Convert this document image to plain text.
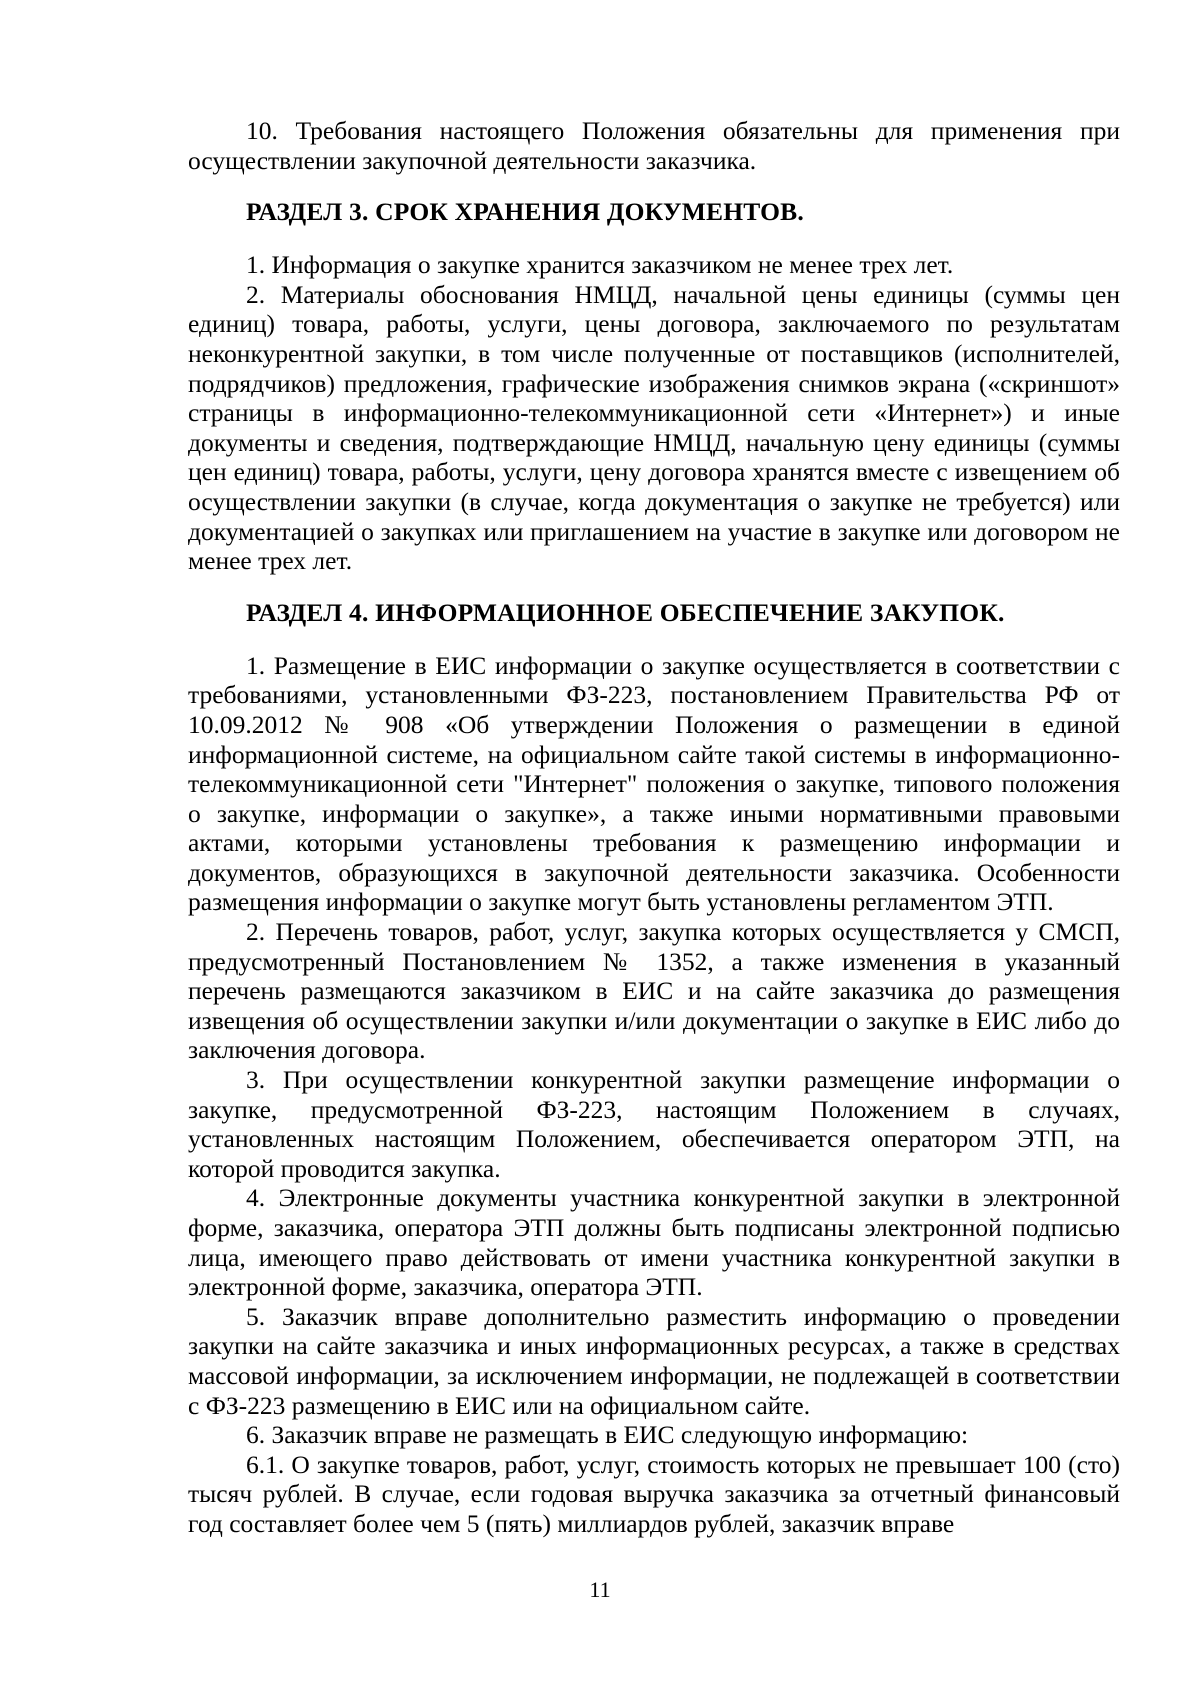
10. Требования настоящего Положения обязательны для применения при осуществлении закупочной деятельности заказчика.

РАЗДЕЛ 3. СРОК ХРАНЕНИЯ ДОКУМЕНТОВ.

1. Информация о закупке хранится заказчиком не менее трех лет.

2. Материалы обоснования НМЦД, начальной цены единицы (суммы цен единиц) товара, работы, услуги, цены договора, заключаемого по результатам неконкурентной закупки, в том числе полученные от поставщиков (исполнителей, подрядчиков) предложения, графические изображения снимков экрана («скриншот» страницы в информационно-телекоммуникационной сети «Интернет») и иные документы и сведения, подтверждающие НМЦД, начальную цену единицы (суммы цен единиц) товара, работы, услуги, цену договора хранятся вместе с извещением об осуществлении закупки (в случае, когда документация о закупке не требуется) или документацией о закупках или приглашением на участие в закупке или договором не менее трех лет.

РАЗДЕЛ 4. ИНФОРМАЦИОННОЕ ОБЕСПЕЧЕНИЕ ЗАКУПОК.

1. Размещение в ЕИС информации о закупке осуществляется в соответствии с требованиями, установленными ФЗ-223, постановлением Правительства РФ от 10.09.2012 № 908 «Об утверждении Положения о размещении в единой информационной системе, на официальном сайте такой системы в информационно-телекоммуникационной сети "Интернет" положения о закупке, типового положения о закупке, информации о закупке», а также иными нормативными правовыми актами, которыми установлены требования к размещению информации и документов, образующихся в закупочной деятельности заказчика. Особенности размещения информации о закупке могут быть установлены регламентом ЭТП.

2. Перечень товаров, работ, услуг, закупка которых осуществляется у СМСП, предусмотренный Постановлением № 1352, а также изменения в указанный перечень размещаются заказчиком в ЕИС и на сайте заказчика до размещения извещения об осуществлении закупки и/или документации о закупке в ЕИС либо до заключения договора.

3. При осуществлении конкурентной закупки размещение информации о закупке, предусмотренной ФЗ-223, настоящим Положением в случаях, установленных настоящим Положением, обеспечивается оператором ЭТП, на которой проводится закупка.

4. Электронные документы участника конкурентной закупки в электронной форме, заказчика, оператора ЭТП должны быть подписаны электронной подписью лица, имеющего право действовать от имени участника конкурентной закупки в электронной форме, заказчика, оператора ЭТП.

5. Заказчик вправе дополнительно разместить информацию о проведении закупки на сайте заказчика и иных информационных ресурсах, а также в средствах массовой информации, за исключением информации, не подлежащей в соответствии с ФЗ-223 размещению в ЕИС или на официальном сайте.

6. Заказчик вправе не размещать в ЕИС следующую информацию:

6.1. О закупке товаров, работ, услуг, стоимость которых не превышает 100 (сто) тысяч рублей. В случае, если годовая выручка заказчика за отчетный финансовый год составляет более чем 5 (пять) миллиардов рублей, заказчик вправе

11
